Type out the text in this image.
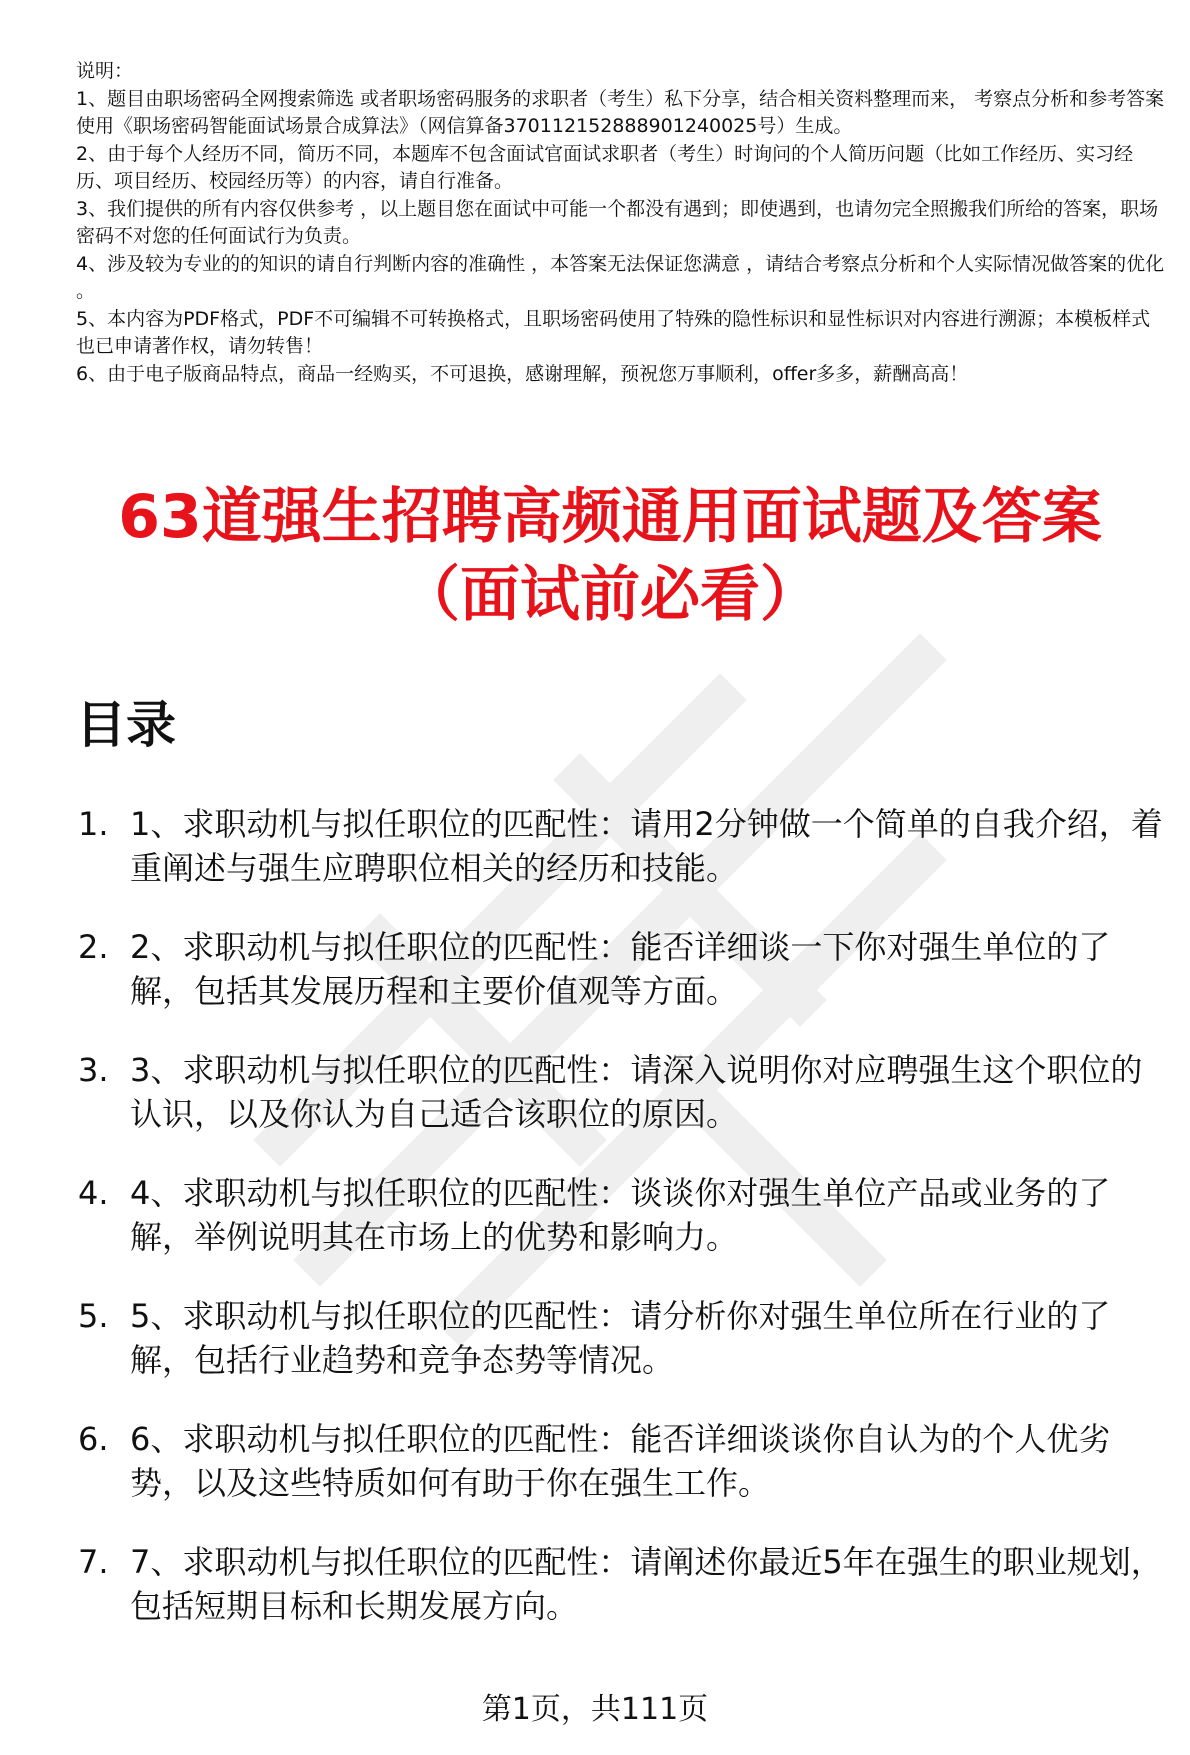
说明：

1、题目由职场密码全网搜索筛选 或者职场密码服务的求职者（考生）私下分享，结合相关资料整理而来， 考察点分析和参考答案使用《职场密码智能面试场景合成算法》（网信算备370112152888901240025号）生成。

2、由于每个人经历不同，简历不同，本题库不包含面试官面试求职者（考生）时询问的个人简历问题（比如工作经历、实习经历、项目经历、校园经历等）的内容，请自行准备。

3、我们提供的所有内容仅供参考 ，以上题目您在面试中可能一个都没有遇到；即使遇到，也请勿完全照搬我们所给的答案，职场密码不对您的任何面试行为负责。

4、涉及较为专业的的知识的请自行判断内容的准确性 ，本答案无法保证您满意 ，请结合考察点分析和个人实际情况做答案的优化 。

5、本内容为PDF格式，PDF不可编辑不可转换格式，且职场密码使用了特殊的隐性标识和显性标识对内容进行溯源；本模板样式也已申请著作权，请勿转售！

6、由于电子版商品特点，商品一经购买，不可退换，感谢理解，预祝您万事顺利，offer多多，薪酬高高！

63道强生招聘高频通用面试题及答案（面试前必看）
目录
1. 1、求职动机与拟任职位的匹配性：请用2分钟做一个简单的自我介绍，着重阐述与强生应聘职位相关的经历和技能。
2. 2、求职动机与拟任职位的匹配性：能否详细谈一下你对强生单位的了解，包括其发展历程和主要价值观等方面。
3. 3、求职动机与拟任职位的匹配性：请深入说明你对应聘强生这个职位的认识，以及你认为自己适合该职位的原因。
4. 4、求职动机与拟任职位的匹配性：谈谈你对强生单位产品或业务的了解，举例说明其在市场上的优势和影响力。
5. 5、求职动机与拟任职位的匹配性：请分析你对强生单位所在行业的了解，包括行业趋势和竞争态势等情况。
6. 6、求职动机与拟任职位的匹配性：能否详细谈谈你自认为的个人优劣势，以及这些特质如何有助于你在强生工作。
7. 7、求职动机与拟任职位的匹配性：请阐述你最近5年在强生的职业规划，包括短期目标和长期发展方向。

第1页，共111页
